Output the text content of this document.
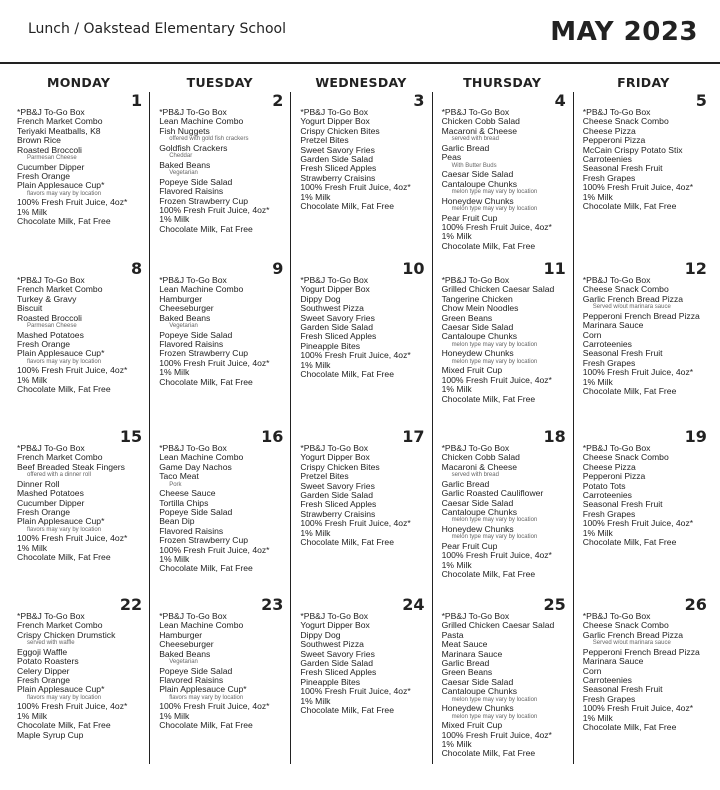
Lunch / Oakstead Elementary School	MAY 2023
MONDAY	TUESDAY	WEDNESDAY	THURSDAY	FRIDAY
1
*PB&J To-Go Box
French Market Combo
Teriyaki Meatballs, K8
Brown Rice
Roasted Broccoli
Parmesan Cheese
Cucumber Dipper
Fresh Orange
Plain Applesauce Cup*
flavors may vary by location
100% Fresh Fruit Juice, 4oz*
1% Milk
Chocolate Milk, Fat Free
2
*PB&J To-Go Box
Lean Machine Combo
Fish Nuggets
offered with gold fish crackers
Goldfish Crackers
Cheddar
Baked Beans
Vegetarian
Popeye Side Salad
Flavored Raisins
Frozen Strawberry Cup
100% Fresh Fruit Juice, 4oz*
1% Milk
Chocolate Milk, Fat Free
3
*PB&J To-Go Box
Yogurt Dipper Box
Crispy Chicken Bites
Pretzel Bites
Sweet Savory Fries
Garden Side Salad
Fresh Sliced Apples
Strawberry Craisins
100% Fresh Fruit Juice, 4oz*
1% Milk
Chocolate Milk, Fat Free
4
*PB&J To-Go Box
Chicken Cobb Salad
Macaroni & Cheese
served with bread
Garlic Bread
Peas
With Butter Buds
Caesar Side Salad
Cantaloupe Chunks
melon type may vary by location
Honeydew Chunks
melon type may vary by location
Pear Fruit Cup
100% Fresh Fruit Juice, 4oz*
1% Milk
Chocolate Milk, Fat Free
5
*PB&J To-Go Box
Cheese Snack Combo
Cheese Pizza
Pepperoni Pizza
McCain Crispy Potato Stix
Carroteenies
Seasonal Fresh Fruit
Fresh Grapes
100% Fresh Fruit Juice, 4oz*
1% Milk
Chocolate Milk, Fat Free
8
*PB&J To-Go Box
French Market Combo
Turkey & Gravy
Biscuit
Roasted Broccoli
Parmesan Cheese
Mashed Potatoes
Fresh Orange
Plain Applesauce Cup*
flavors may vary by location
100% Fresh Fruit Juice, 4oz*
1% Milk
Chocolate Milk, Fat Free
9
*PB&J To-Go Box
Lean Machine Combo
Hamburger
Cheeseburger
Baked Beans
Vegetarian
Popeye Side Salad
Flavored Raisins
Frozen Strawberry Cup
100% Fresh Fruit Juice, 4oz*
1% Milk
Chocolate Milk, Fat Free
10
*PB&J To-Go Box
Yogurt Dipper Box
Dippy Dog
Southwest Pizza
Sweet Savory Fries
Garden Side Salad
Fresh Sliced Apples
Pineapple Bites
100% Fresh Fruit Juice, 4oz*
1% Milk
Chocolate Milk, Fat Free
11
*PB&J To-Go Box
Grilled Chicken Caesar Salad
Tangerine Chicken
Chow Mein Noodles
Green Beans
Caesar Side Salad
Cantaloupe Chunks
melon type may vary by location
Honeydew Chunks
melon type may vary by location
Mixed Fruit Cup
100% Fresh Fruit Juice, 4oz*
1% Milk
Chocolate Milk, Fat Free
12
*PB&J To-Go Box
Cheese Snack Combo
Garlic French Bread Pizza
Served w/out marinara sauce
Pepperoni French Bread Pizza
Marinara Sauce
Corn
Carroteenies
Seasonal Fresh Fruit
Fresh Grapes
100% Fresh Fruit Juice, 4oz*
1% Milk
Chocolate Milk, Fat Free
15
*PB&J To-Go Box
French Market Combo
Beef Breaded Steak Fingers
offered with a dinner roll
Dinner Roll
Mashed Potatoes
Cucumber Dipper
Fresh Orange
Plain Applesauce Cup*
flavors may vary by location
100% Fresh Fruit Juice, 4oz*
1% Milk
Chocolate Milk, Fat Free
16
*PB&J To-Go Box
Lean Machine Combo
Game Day Nachos
Taco Meat
Pork
Cheese Sauce
Tortilla Chips
Popeye Side Salad
Bean Dip
Flavored Raisins
Frozen Strawberry Cup
100% Fresh Fruit Juice, 4oz*
1% Milk
Chocolate Milk, Fat Free
17
*PB&J To-Go Box
Yogurt Dipper Box
Crispy Chicken Bites
Pretzel Bites
Sweet Savory Fries
Garden Side Salad
Fresh Sliced Apples
Strawberry Craisins
100% Fresh Fruit Juice, 4oz*
1% Milk
Chocolate Milk, Fat Free
18
*PB&J To-Go Box
Chicken Cobb Salad
Macaroni & Cheese
served with bread
Garlic Bread
Garlic Roasted Cauliflower
Caesar Side Salad
Cantaloupe Chunks
melon type may vary by location
Honeydew Chunks
melon type may vary by location
Pear Fruit Cup
100% Fresh Fruit Juice, 4oz*
1% Milk
Chocolate Milk, Fat Free
19
*PB&J To-Go Box
Cheese Snack Combo
Cheese Pizza
Pepperoni Pizza
Potato Tots
Carroteenies
Seasonal Fresh Fruit
Fresh Grapes
100% Fresh Fruit Juice, 4oz*
1% Milk
Chocolate Milk, Fat Free
22
*PB&J To-Go Box
French Market Combo
Crispy Chicken Drumstick
served with waffle
Eggoji Waffle
Potato Roasters
Celery Dipper
Fresh Orange
Plain Applesauce Cup*
flavors may vary by location
100% Fresh Fruit Juice, 4oz*
1% Milk
Chocolate Milk, Fat Free
Maple Syrup Cup
23
*PB&J To-Go Box
Lean Machine Combo
Hamburger
Cheeseburger
Baked Beans
Vegetarian
Popeye Side Salad
Flavored Raisins
Plain Applesauce Cup*
flavors may vary by location
100% Fresh Fruit Juice, 4oz*
1% Milk
Chocolate Milk, Fat Free
24
*PB&J To-Go Box
Yogurt Dipper Box
Dippy Dog
Southwest Pizza
Sweet Savory Fries
Garden Side Salad
Fresh Sliced Apples
Pineapple Bites
100% Fresh Fruit Juice, 4oz*
1% Milk
Chocolate Milk, Fat Free
25
*PB&J To-Go Box
Grilled Chicken Caesar Salad
Pasta
Meat Sauce
Marinara Sauce
Garlic Bread
Green Beans
Caesar Side Salad
Cantaloupe Chunks
melon type may vary by location
Honeydew Chunks
melon type may vary by location
Mixed Fruit Cup
100% Fresh Fruit Juice, 4oz*
1% Milk
Chocolate Milk, Fat Free
26
*PB&J To-Go Box
Cheese Snack Combo
Garlic French Bread Pizza
Served w/out marinara sauce
Pepperoni French Bread Pizza
Marinara Sauce
Corn
Carroteenies
Seasonal Fresh Fruit
Fresh Grapes
100% Fresh Fruit Juice, 4oz*
1% Milk
Chocolate Milk, Fat Free
